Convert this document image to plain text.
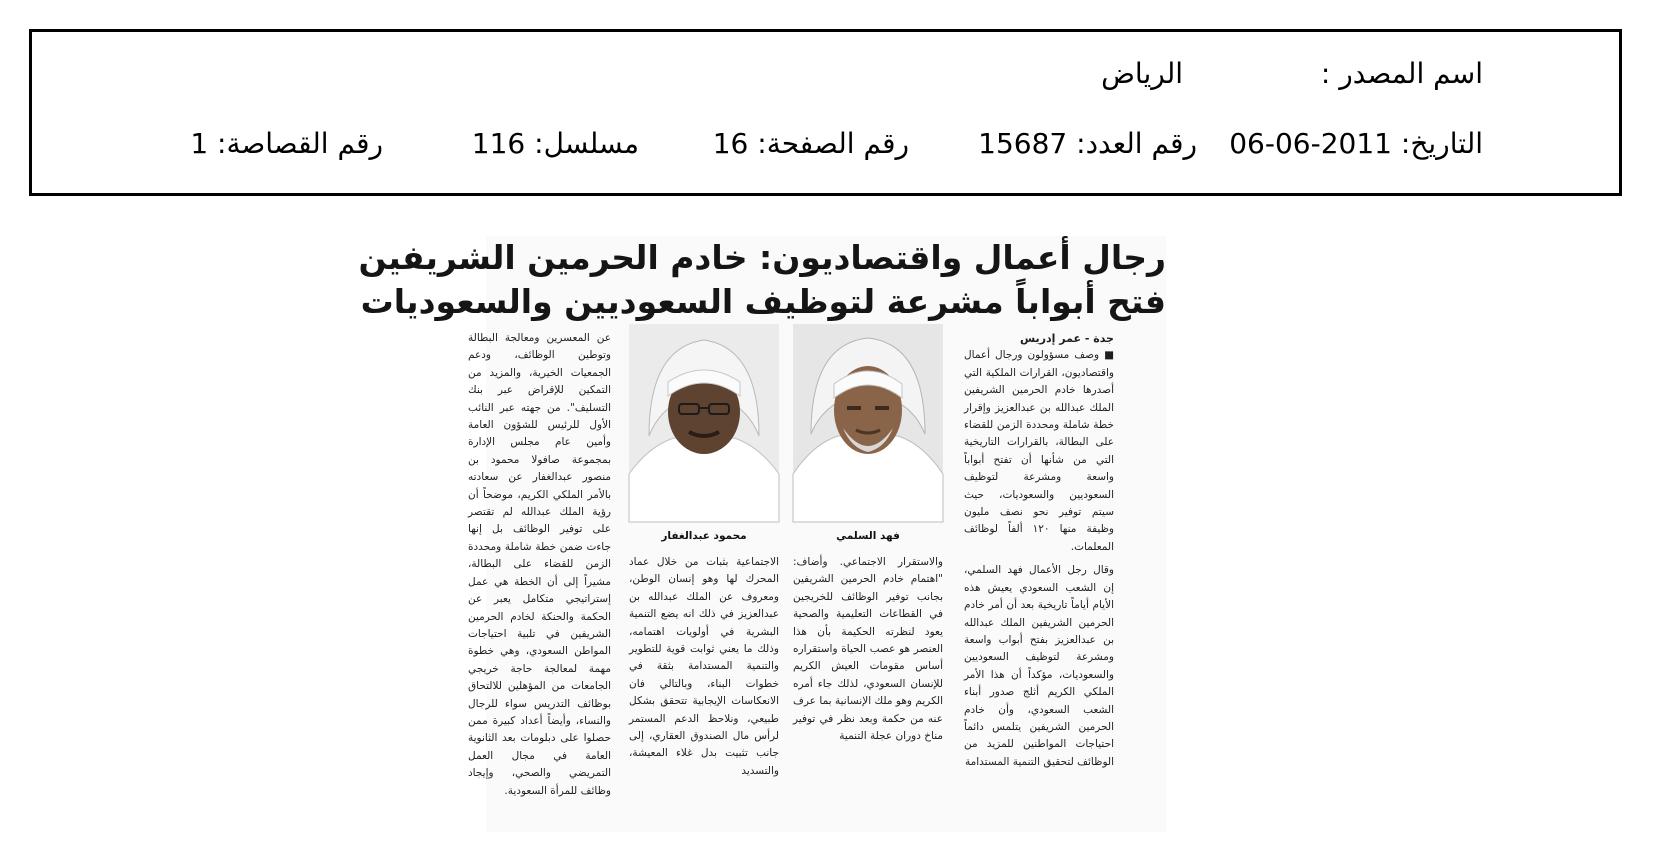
اسم المصدر :
الرياض
التاريخ: 2011-06-06
رقم العدد: 15687
رقم الصفحة: 16
مسلسل: 116
رقم القصاصة: 1
رجال أعمال واقتصاديون: خادم الحرمين الشريفين
فتح أبواباً مشرعة لتوظيف السعوديين والسعوديات
جدة - عمر إدريس
■ وصف مسؤولون ورجال أعمال واقتصاديون، القرارات الملكية التي أصدرها خادم الحرمين الشريفين الملك عبدالله بن عبدالعزيز وإقرار خطة شاملة ومحددة الزمن للقضاء على البطالة، بالقرارات التاريخية التي من شأنها أن تفتح أبواباً واسعة ومشرعة لتوظيف السعوديين والسعوديات، حيث سيتم توفير نحو نصف مليون وظيفة منها ١٢٠ ألفاً لوظائف المعلمات.
وقال رجل الأعمال فهد السلمي، إن الشعب السعودي يعيش هذه الأيام أياماً تاريخية بعد أن أمر خادم الحرمين الشريفين الملك عبدالله بن عبدالعزيز بفتح أبواب واسعة ومشرعة لتوظيف السعوديين والسعوديات، مؤكداً أن هذا الأمر الملكي الكريم أثلج صدور أبناء الشعب السعودي، وأن خادم الحرمين الشريفين يتلمس دائماً احتياجات المواطنين للمزيد من الوظائف لتحقيق التنمية المستدامة
فهد السلمي
محمود عبدالغفار
والاستقرار الاجتماعي. وأضاف: "اهتمام خادم الحرمين الشريفين بجانب توفير الوظائف للخريجين في القطاعات التعليمية والصحية يعود لنظرته الحكيمة بأن هذا العنصر هو عصب الحياة واستقراره أساس مقومات العيش الكريم للإنسان السعودي، لذلك جاء أمره الكريم وهو ملك الإنسانية بما عرف عنه من حكمة وبعد نظر في توفير مناخ دوران عجلة التنمية
الاجتماعية بثبات من خلال عماد المحرك لها وهو إنسان الوطن، ومعروف عن الملك عبدالله بن عبدالعزيز في ذلك انه يضع التنمية البشرية في أولويات اهتمامه، وذلك ما يعني ثوابت قوية للتطوير والتنمية المستدامة بثقة في خطوات البناء، وبالتالي فان الانعكاسات الإيجابية تتحقق بشكل طبيعي، ونلاحظ الدعم المستمر لرأس مال الصندوق العقاري، إلى جانب تثبيت بدل غلاء المعيشة، والتسديد
عن المعسرين ومعالجة البطالة وتوطين الوظائف، ودعم الجمعيات الخيرية، والمزيد من التمكين للإقراض عبر بنك التسليف". من جهته عبر النائب الأول للرئيس للشؤون العامة وأمين عام مجلس الإدارة بمجموعة صافولا محمود بن منصور عبدالغفار عن سعادته بالأمر الملكي الكريم، موضحاً أن رؤية الملك عبدالله لم تقتصر على توفير الوظائف بل إنها جاءت ضمن خطة شاملة ومحددة الزمن للقضاء على البطالة، مشيراً إلى أن الخطة هي عمل إستراتيجي متكامل يعبر عن الحكمة والحنكة لخادم الحرمين الشريفين في تلبية احتياجات المواطن السعودي، وهي خطوة مهمة لمعالجة حاجة خريجي الجامعات من المؤهلين للالتحاق بوظائف التدريس سواء للرجال والنساء، وأيضاً أعداد كبيرة ممن حصلوا على دبلومات بعد الثانوية العامة في مجال العمل التمريضي والصحي، وإيجاد وظائف للمرأة السعودية.
